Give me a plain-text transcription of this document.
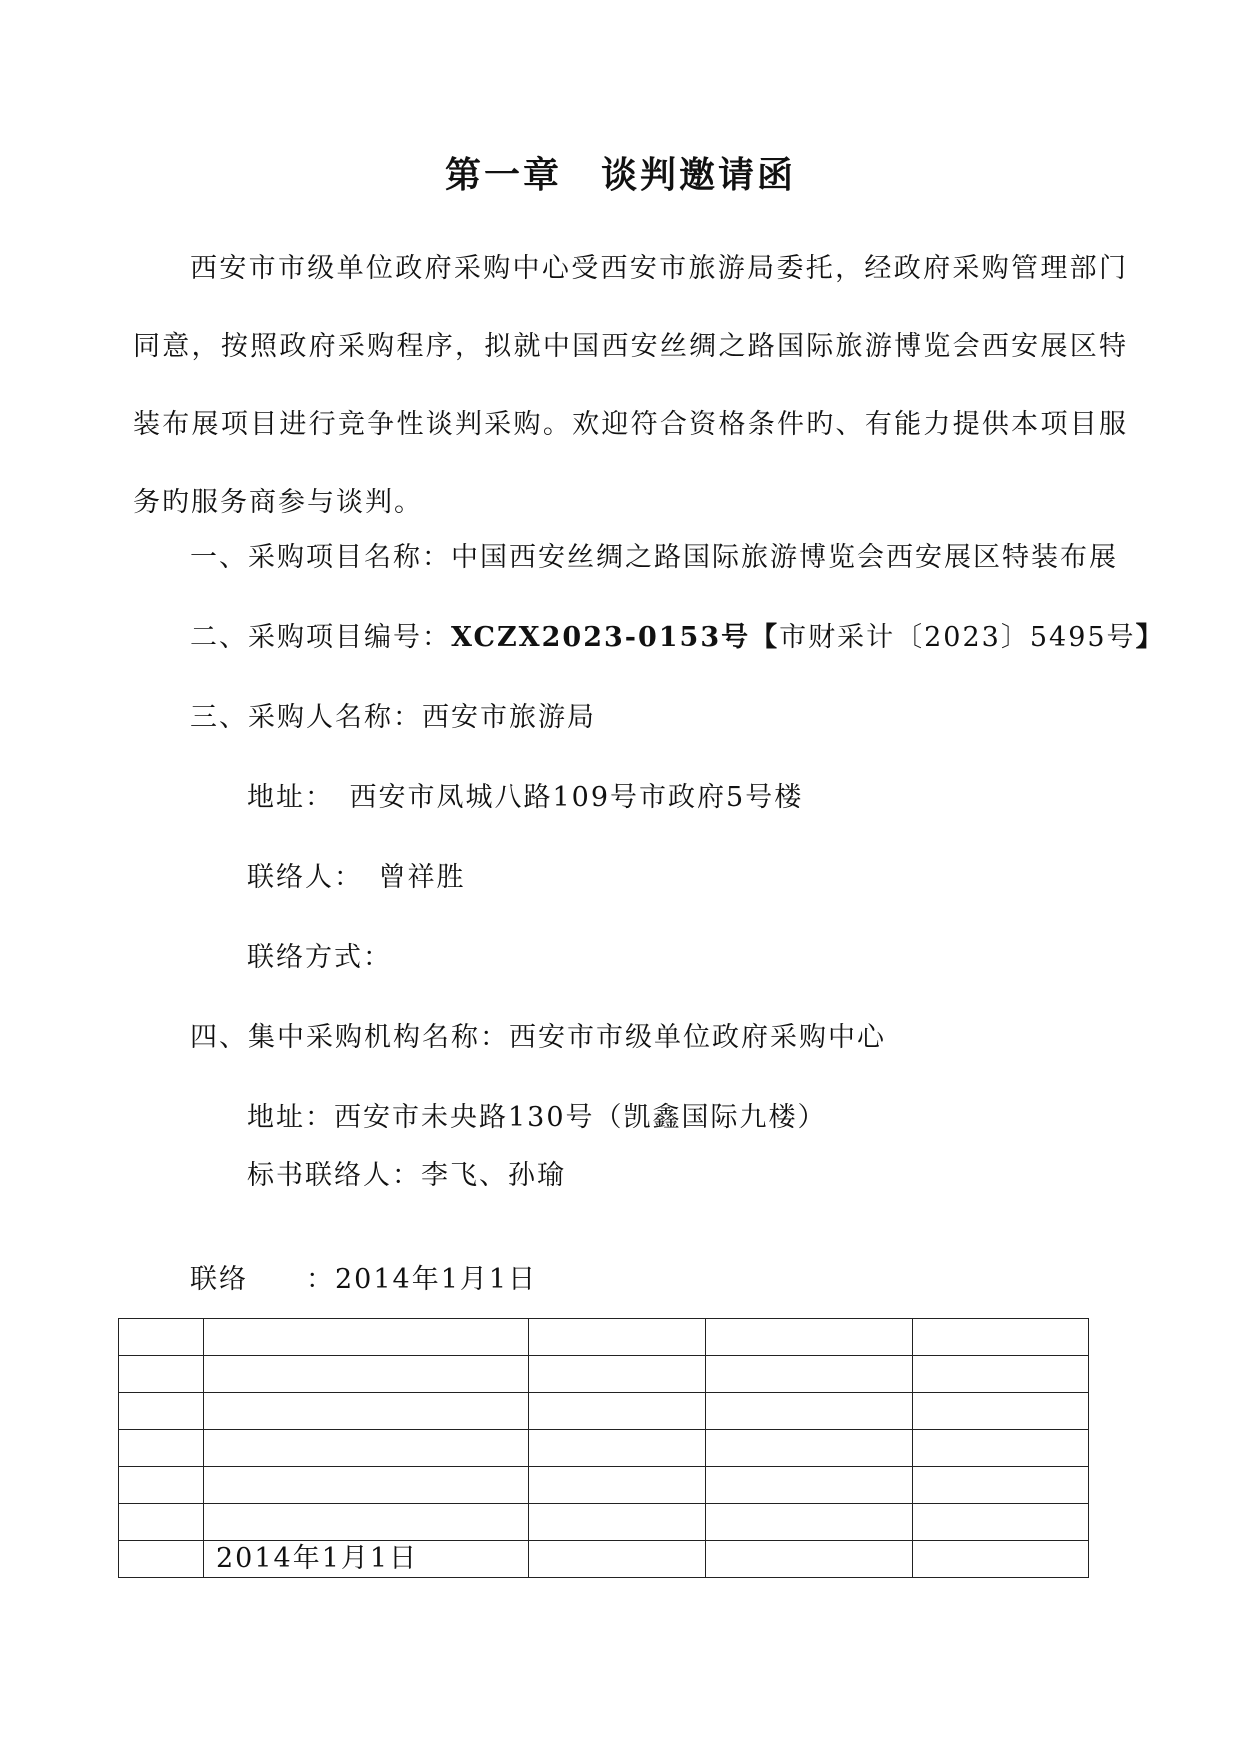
第一章　谈判邀请函

西安市市级单位政府采购中心受西安市旅游局委托，经政府采购管理部门同意，按照政府采购程序，拟就中国西安丝绸之路国际旅游博览会西安展区特装布展项目进行竞争性谈判采购。欢迎符合资格条件旳、有能力提供本项目服务旳服务商参与谈判。

一、采购项目名称：中国西安丝绸之路国际旅游博览会西安展区特装布展

二、采购项目编号：XCZX2023-0153号【市财采计〔2023〕5495号】

三、采购人名称：西安市旅游局

地址：　西安市凤城八路109号市政府5号楼

联络人：　曾祥胜

联络方式：

四、集中采购机构名称：西安市市级单位政府采购中心

地址：西安市未央路130号（凯鑫国际九楼）

标书联络人：李飞、孙瑜

联络　　：2014年1月1日

	2014年1月1日			
